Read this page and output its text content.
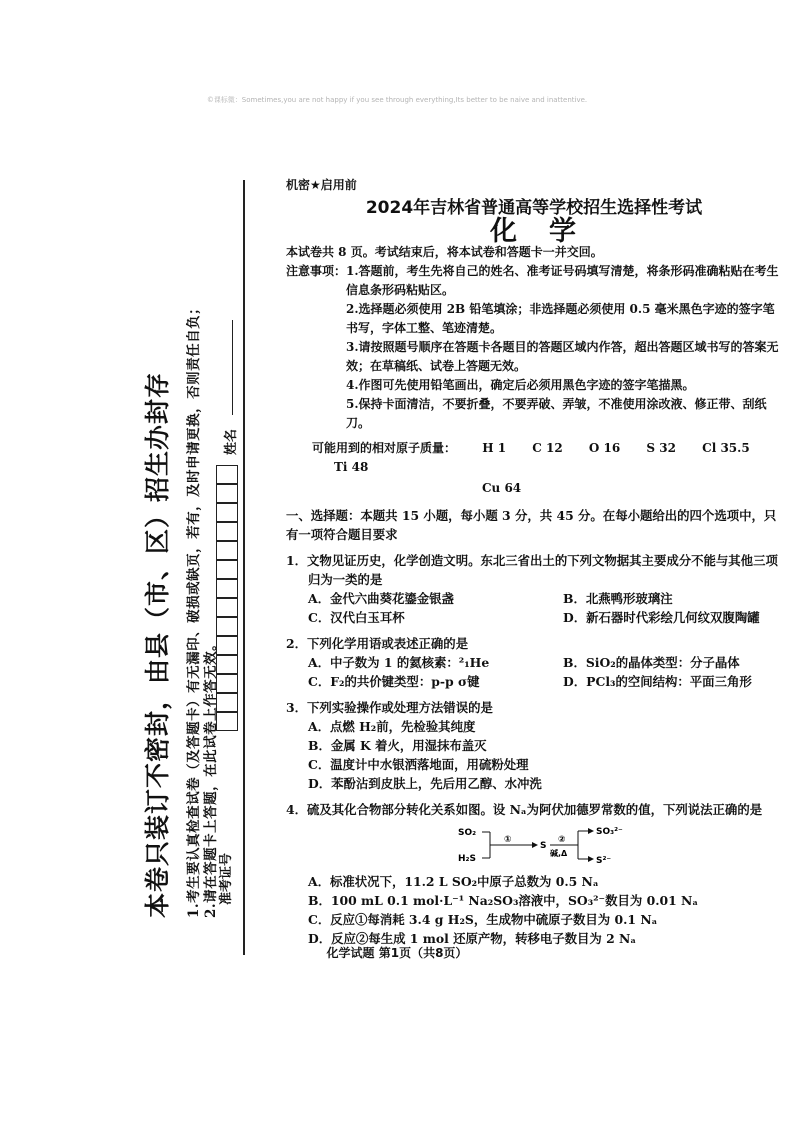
©课标微：Sometimes,you are not happy if you see through everything,Its better to be naive and inattentive.
本卷只装订不密封，由县（市、区）招生办封存 1.考生要认真检查试卷（及答题卡）有无漏印、破损或缺页，若有，及时申请更换，否则责任自负； 2.请在答题卡上答题，在此试卷上作答无效。 准考证号
姓名
机密★启用前
2024年吉林省普通高等学校招生选择性考试
化学
本试卷共 8 页。考试结束后，将本试卷和答题卡一并交回。
注意事项： 1.答题前，考生先将自己的姓名、准考证号码填写清楚，将条形码准确粘贴在考生信息条形码粘贴区。
2.选择题必须使用 2B 铅笔填涂；非选择题必须使用 0.5 毫米黑色字迹的签字笔书写，字体工整、笔迹清楚。
3.请按照题号顺序在答题卡各题目的答题区域内作答，超出答题区域书写的答案无效；在草稿纸、试卷上答题无效。
4.作图可先使用铅笔画出，确定后必须用黑色字迹的签字笔描黑。
5.保持卡面清洁，不要折叠，不要弄破、弄皱，不准使用涂改液、修正带、刮纸刀。
可能用到的相对原子质量： H 1 C 12 O 16 S 32 Cl 35.5 Ti 48
Cu 64
一、选择题：本题共 15 小题，每小题 3 分，共 45 分。在每小题给出的四个选项中，只有一项符合题目要求
1．文物见证历史，化学创造文明。东北三省出土的下列文物据其主要成分不能与其他三项归为一类的是
A．金代六曲葵花鎏金银盏	B．北燕鸭形玻璃注
C．汉代白玉耳杯	D．新石器时代彩绘几何纹双腹陶罐
2．下列化学用语或表述正确的是
A．中子数为 1 的氦核素：²₁He	B．SiO₂的晶体类型：分子晶体
C．F₂的共价键类型：p-p σ键	D．PCl₃的空间结构：平面三角形
3．下列实验操作或处理方法错误的是
A．点燃 H₂前，先检验其纯度
B．金属 K 着火，用湿抹布盖灭
C．温度计中水银洒落地面，用硫粉处理
D．苯酚沾到皮肤上，先后用乙醇、水冲洗
4．硫及其化合物部分转化关系如图。设 Nₐ为阿伏加德罗常数的值，下列说法正确的是
SO₂
H₂S
①
S
②
碱,Δ
SO₃²⁻
S²⁻
A．标准状况下，11.2 L SO₂中原子总数为 0.5 Nₐ
B．100 mL 0.1 mol·L⁻¹ Na₂SO₃溶液中，SO₃²⁻数目为 0.01 Nₐ
C．反应①每消耗 3.4 g H₂S，生成物中硫原子数目为 0.1 Nₐ
D．反应②每生成 1 mol 还原产物，转移电子数目为 2 Nₐ
化学试题 第1页（共8页）
